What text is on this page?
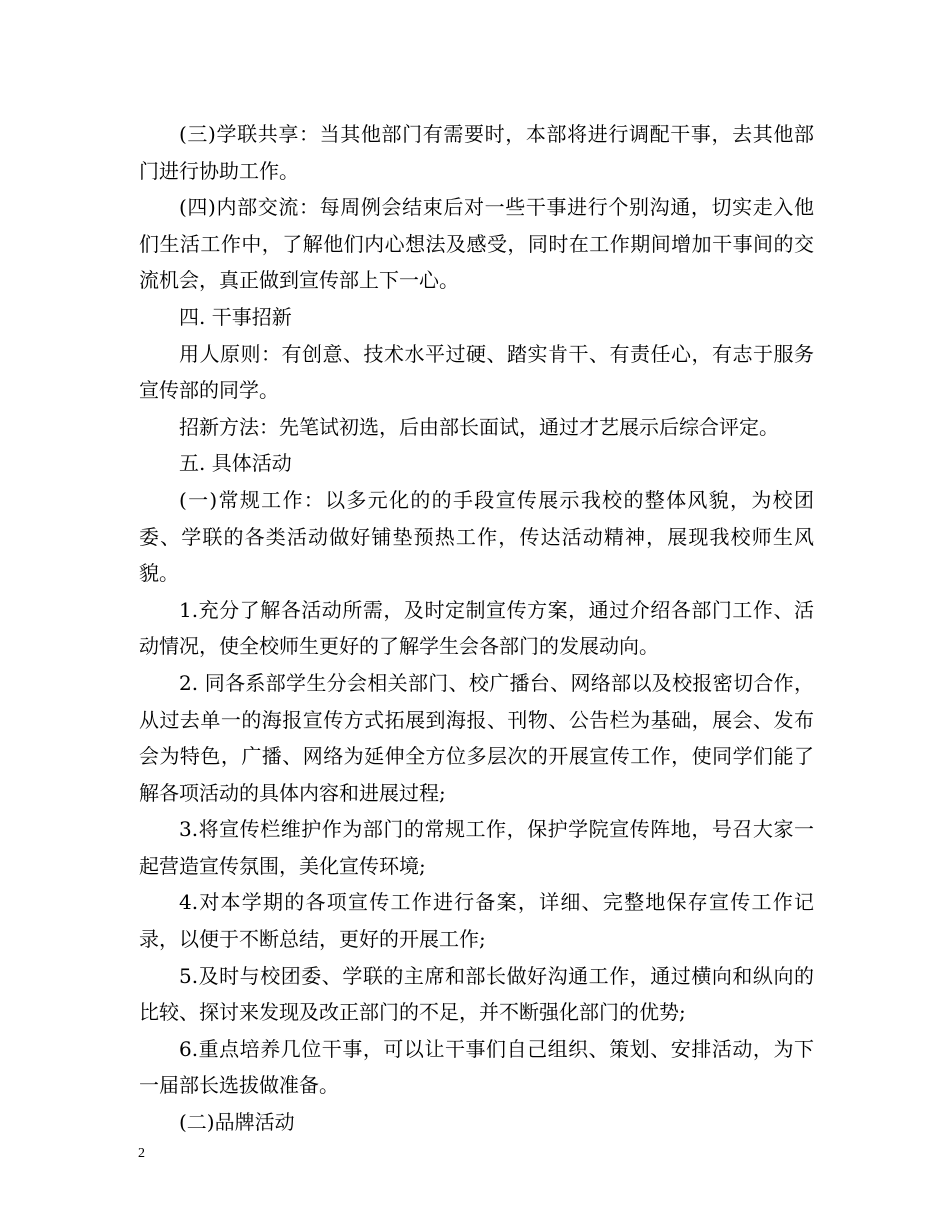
(三)学联共享：当其他部门有需要时，本部将进行调配干事，去其他部门进行协助工作。

(四)内部交流：每周例会结束后对一些干事进行个别沟通，切实走入他们生活工作中，了解他们内心想法及感受，同时在工作期间增加干事间的交流机会，真正做到宣传部上下一心。

四. 干事招新

用人原则：有创意、技术水平过硬、踏实肯干、有责任心，有志于服务宣传部的同学。

招新方法：先笔试初选，后由部长面试，通过才艺展示后综合评定。

五. 具体活动

(一)常规工作：以多元化的的手段宣传展示我校的整体风貌，为校团委、学联的各类活动做好铺垫预热工作，传达活动精神，展现我校师生风貌。

1.充分了解各活动所需，及时定制宣传方案，通过介绍各部门工作、活动情况，使全校师生更好的了解学生会各部门的发展动向。

2. 同各系部学生分会相关部门、校广播台、网络部以及校报密切合作，从过去单一的海报宣传方式拓展到海报、刊物、公告栏为基础，展会、发布会为特色，广播、网络为延伸全方位多层次的开展宣传工作，使同学们能了解各项活动的具体内容和进展过程;

3.将宣传栏维护作为部门的常规工作，保护学院宣传阵地，号召大家一起营造宣传氛围，美化宣传环境;

4.对本学期的各项宣传工作进行备案，详细、完整地保存宣传工作记录，以便于不断总结，更好的开展工作;

5.及时与校团委、学联的主席和部长做好沟通工作，通过横向和纵向的比较、探讨来发现及改正部门的不足，并不断强化部门的优势;

6.重点培养几位干事，可以让干事们自己组织、策划、安排活动，为下一届部长选拔做准备。

(二)品牌活动

2
